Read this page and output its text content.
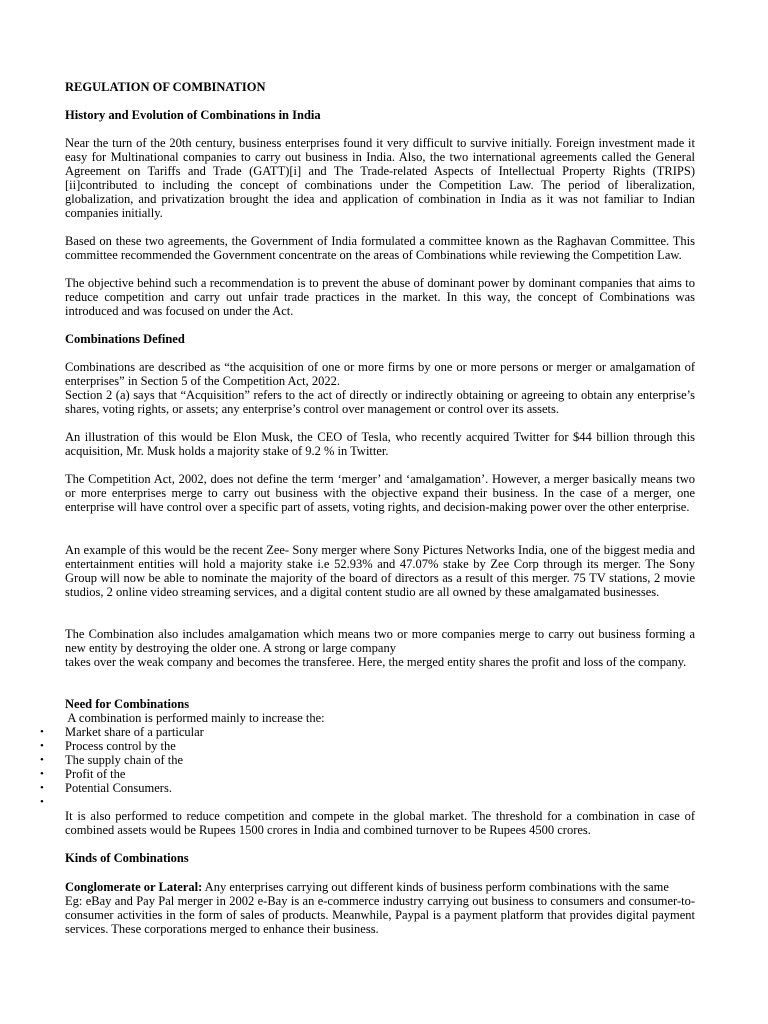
REGULATION OF COMBINATION

History and Evolution of Combinations in India

Near the turn of the 20th century, business enterprises found it very difficult to survive initially. Foreign investment made it easy for Multinational companies to carry out business in India. Also, the two international agreements called the General Agreement on Tariffs and Trade (GATT)[i] and The Trade-related Aspects of Intellectual Property Rights (TRIPS) [ii]contributed to including the concept of combinations under the Competition Law. The period of liberalization, globalization, and privatization brought the idea and application of combination in India as it was not familiar to Indian companies initially.

Based on these two agreements, the Government of India formulated a committee known as the Raghavan Committee. This committee recommended the Government concentrate on the areas of Combinations while reviewing the Competition Law.

The objective behind such a recommendation is to prevent the abuse of dominant power by dominant companies that aims to reduce competition and carry out unfair trade practices in the market. In this way, the concept of Combinations was introduced and was focused on under the Act.

Combinations Defined

Combinations are described as “the acquisition of one or more firms by one or more persons or merger or amalgamation of enterprises” in Section 5 of the Competition Act, 2022.

Section 2 (a) says that “Acquisition” refers to the act of directly or indirectly obtaining or agreeing to obtain any enterprise’s shares, voting rights, or assets; any enterprise’s control over management or control over its assets.

An illustration of this would be Elon Musk, the CEO of Tesla, who recently acquired Twitter for $44 billion through this acquisition, Mr. Musk holds a majority stake of 9.2 % in Twitter.

The Competition Act, 2002, does not define the term ‘merger’ and ‘amalgamation’. However, a merger basically means two or more enterprises merge to carry out business with the objective expand their business. In the case of a merger, one enterprise will have control over a specific part of assets, voting rights, and decision-making power over the other enterprise.

An example of this would be the recent Zee- Sony merger where Sony Pictures Networks India, one of the biggest media and entertainment entities will hold a majority stake i.e 52.93% and 47.07% stake by Zee Corp through its merger. The Sony Group will now be able to nominate the majority of the board of directors as a result of this merger. 75 TV stations, 2 movie studios, 2 online video streaming services, and a digital content studio are all owned by these amalgamated businesses.

The Combination also includes amalgamation which means two or more companies merge to carry out business forming a new entity by destroying the older one. A strong or large company

takes over the weak company and becomes the transferee. Here, the merged entity shares the profit and loss of the company.

Need for Combinations

A combination is performed mainly to increase the:

• Market share of a particular
• Process control by the
• The supply chain of the
• Profit of the
• Potential Consumers.
•

It is also performed to reduce competition and compete in the global market. The threshold for a combination in case of combined assets would be Rupees 1500 crores in India and combined turnover to be Rupees 4500 crores.

Kinds of Combinations

Conglomerate or Lateral: Any enterprises carrying out different kinds of business perform combinations with the same

Eg: eBay and Pay Pal merger in 2002 e-Bay is an e-commerce industry carrying out business to consumers and consumer-to-consumer activities in the form of sales of products. Meanwhile, Paypal is a payment platform that provides digital payment services. These corporations merged to enhance their business.
